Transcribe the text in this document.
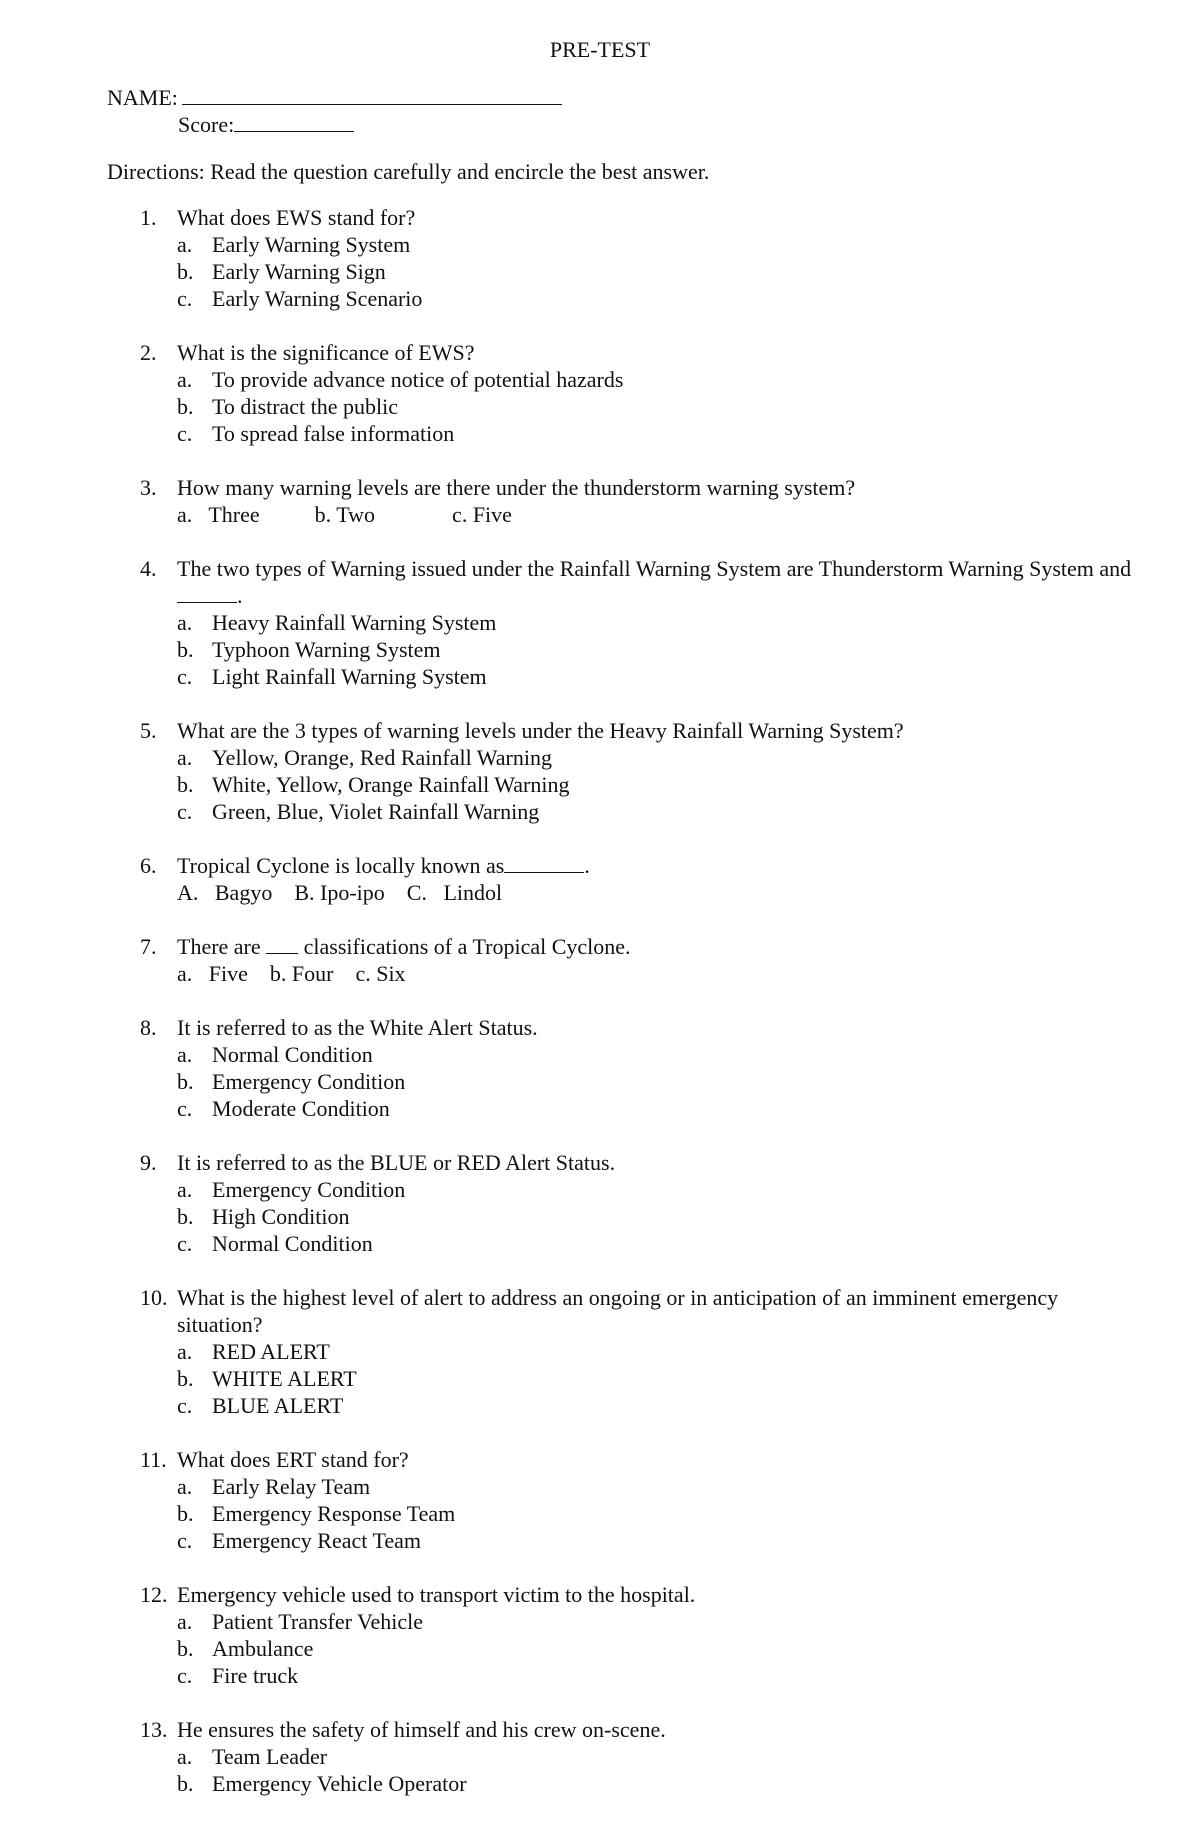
PRE-TEST
NAME:
Score:
Directions: Read the question carefully and encircle the best answer.
1. What does EWS stand for?
a. Early Warning System
b. Early Warning Sign
c. Early Warning Scenario
2. What is the significance of EWS?
a. To provide advance notice of potential hazards
b. To distract the public
c. To spread false information
3. How many warning levels are there under the thunderstorm warning system?
a.   Three          b. Two              c. Five
4. The two types of Warning issued under the Rainfall Warning System are Thunderstorm Warning System and.
a. Heavy Rainfall Warning System
b. Typhoon Warning System
c. Light Rainfall Warning System
5. What are the 3 types of warning levels under the Heavy Rainfall Warning System?
a. Yellow, Orange, Red Rainfall Warning
b. White, Yellow, Orange Rainfall Warning
c. Green, Blue, Violet Rainfall Warning
6. Tropical Cyclone is locally known as	.
A.   Bagyo    B. Ipo-ipo    C.   Lindol
7. There are  classifications of a Tropical Cyclone.
a.   Five    b. Four    c. Six
8. It is referred to as the White Alert Status.
a. Normal Condition
b. Emergency Condition
c. Moderate Condition
9. It is referred to as the BLUE or RED Alert Status.
a. Emergency Condition
b. High Condition
c. Normal Condition
10. What is the highest level of alert to address an ongoing or in anticipation of an imminent emergency situation?
a. RED ALERT
b. WHITE ALERT
c. BLUE ALERT
11. What does ERT stand for?
a. Early Relay Team
b. Emergency Response Team
c. Emergency React Team
12. Emergency vehicle used to transport victim to the hospital.
a. Patient Transfer Vehicle
b. Ambulance
c. Fire truck
13. He ensures the safety of himself and his crew on-scene.
a. Team Leader
b. Emergency Vehicle Operator
